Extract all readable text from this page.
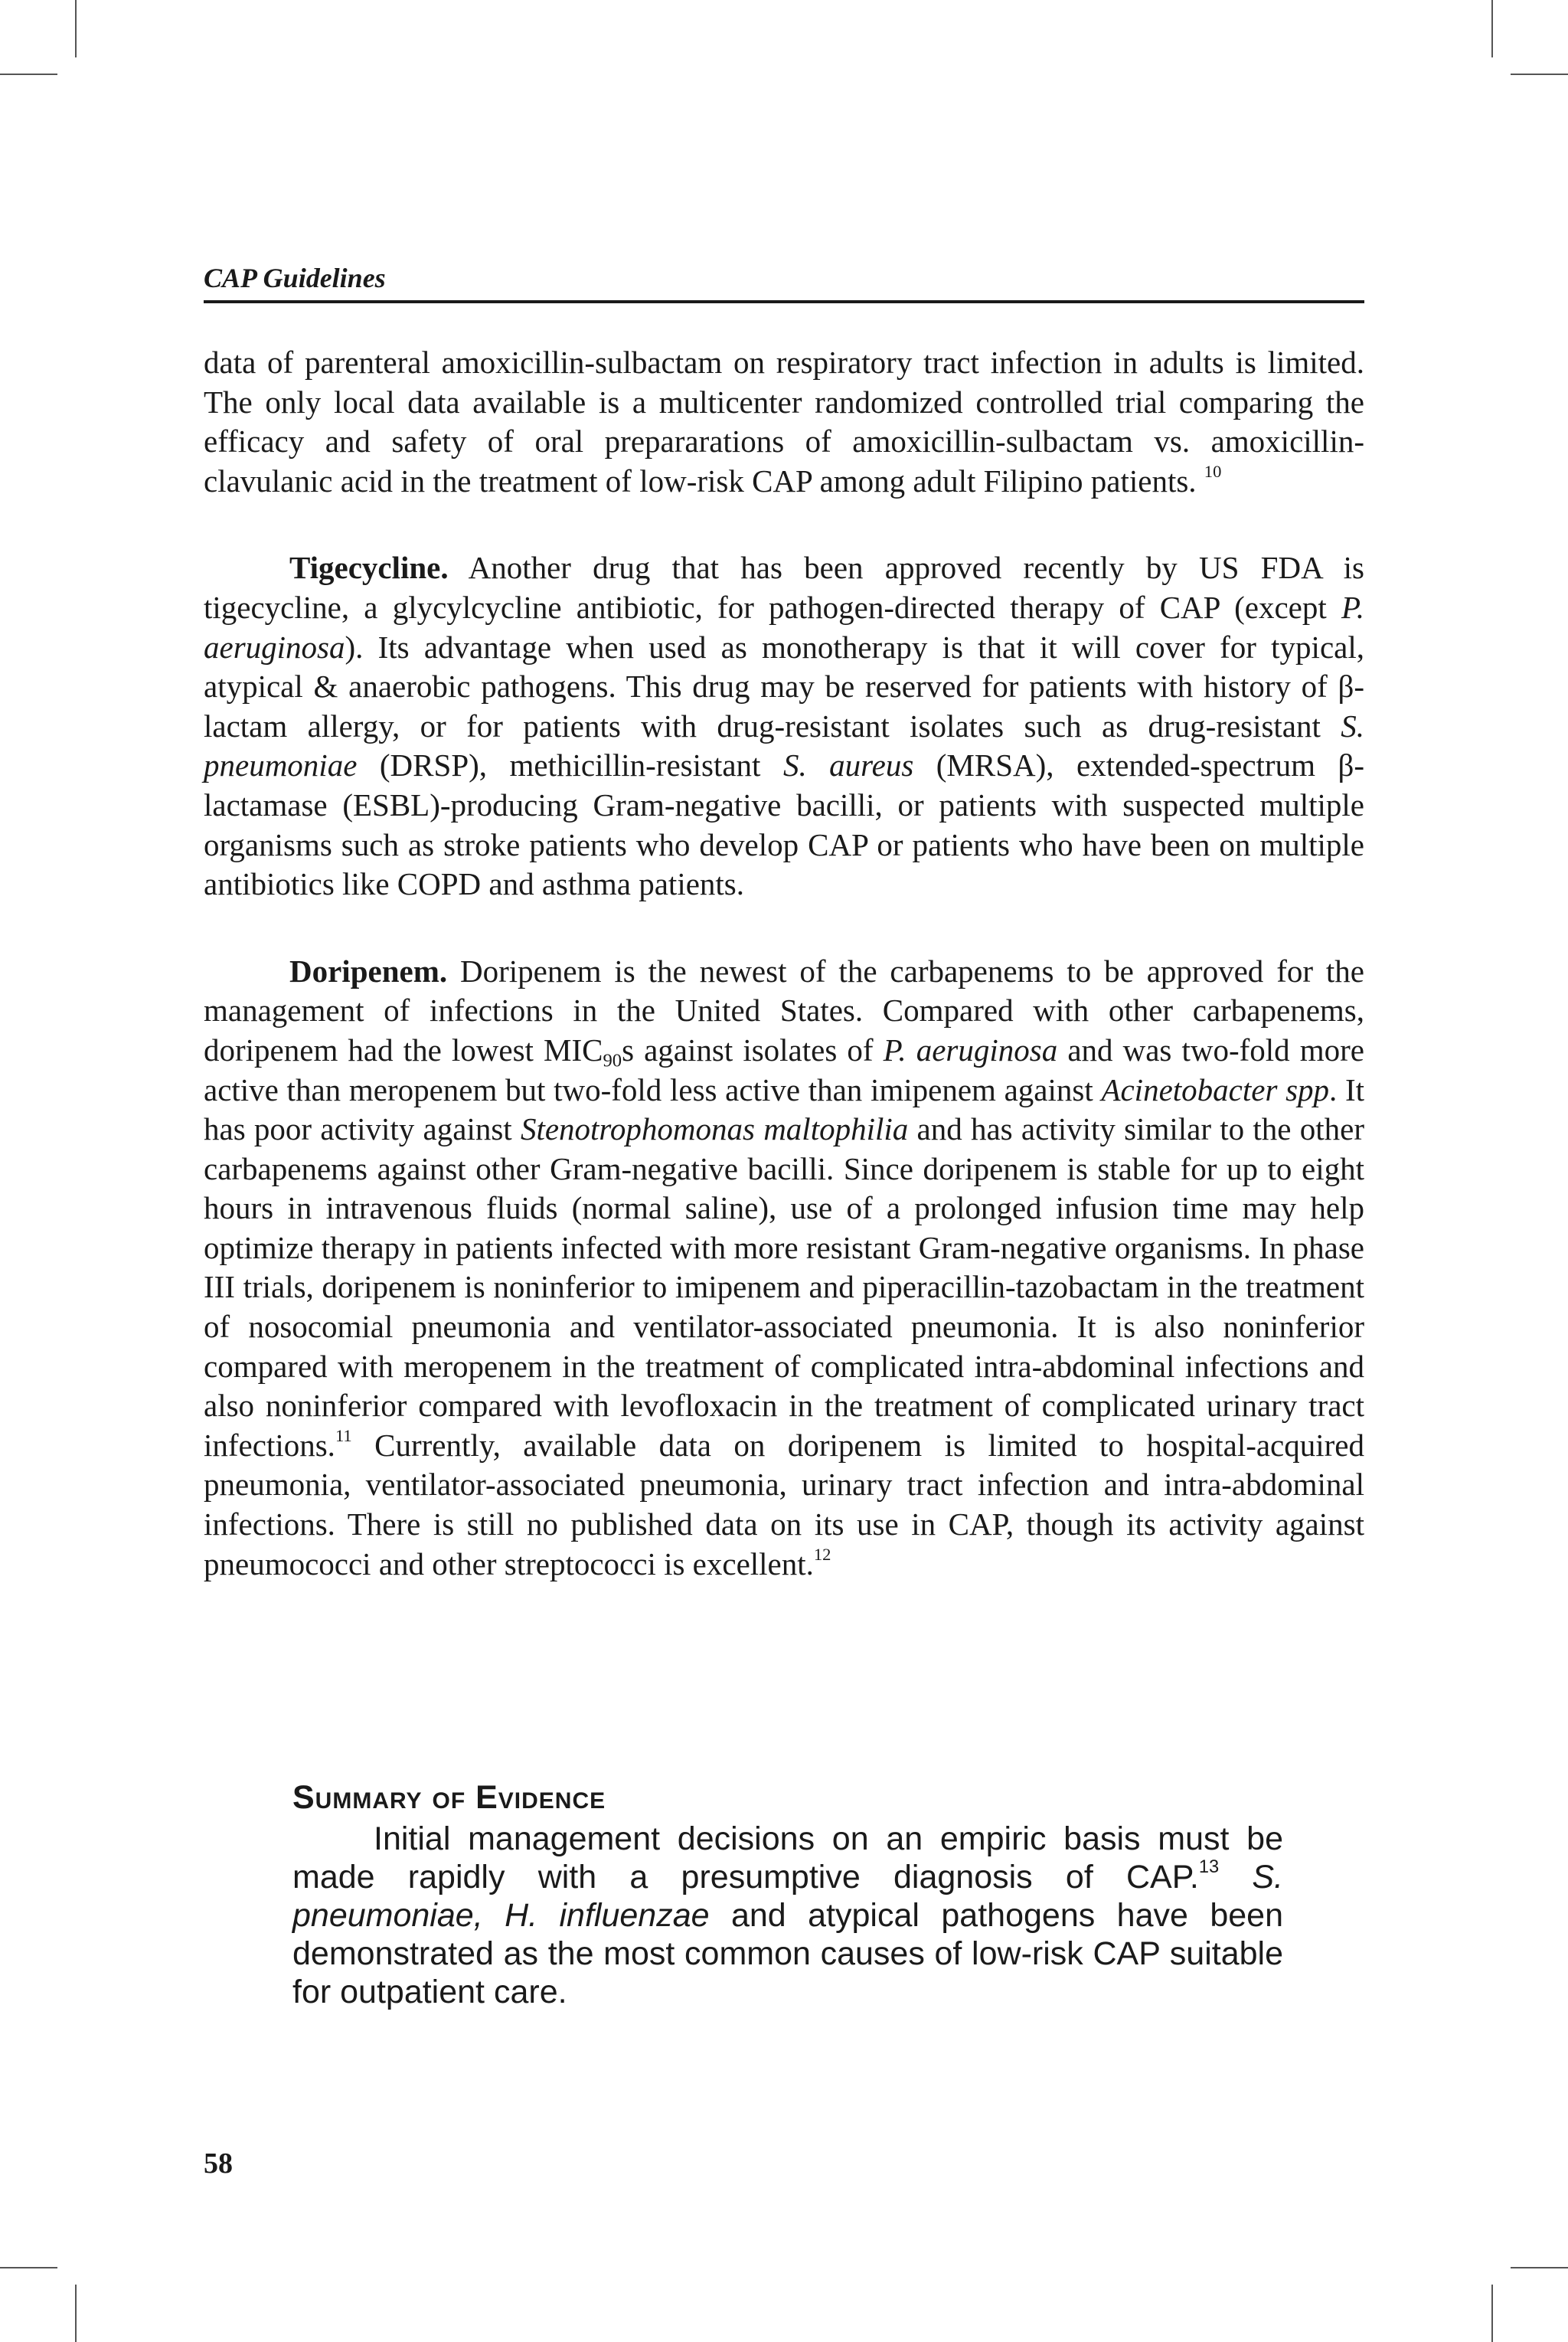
CAP Guidelines

data of parenteral amoxicillin-sulbactam on respiratory tract infection in adults is limited. The only local data available is a multicenter randomized controlled trial comparing the efficacy and safety of oral prepararations of amoxicillin-sulbactam vs. amoxicillin-clavulanic acid in the treatment of low-risk CAP among adult Filipino patients. $^{10}$

Tigecycline. Another drug that has been approved recently by US FDA is tigecycline, a glycylcycline antibiotic, for pathogen-directed therapy of CAP (except P. aeruginosa). Its advantage when used as monotherapy is that it will cover for typical, atypical & anaerobic pathogens. This drug may be reserved for patients with history of β-lactam allergy, or for patients with drug-resistant isolates such as drug-resistant S. pneumoniae (DRSP), methicillin-resistant S. aureus (MRSA), extended-spectrum β-lactamase (ESBL)-producing Gram-negative bacilli, or patients with suspected multiple organisms such as stroke patients who develop CAP or patients who have been on multiple antibiotics like COPD and asthma patients.

Doripenem. Doripenem is the newest of the carbapenems to be approved for the management of infections in the United States. Compared with other carbapenems, doripenem had the lowest $MIC_{90}s$ against isolates of P. aeruginosa and was two-fold more active than meropenem but two-fold less active than imipenem against Acinetobacter spp. It has poor activity against Stenotrophomonas maltophilia and has activity similar to the other carbapenems against other Gram-negative bacilli. Since doripenem is stable for up to eight hours in intravenous fluids (normal saline), use of a prolonged infusion time may help optimize therapy in patients infected with more resistant Gram-negative organisms. In phase III trials, doripenem is noninferior to imipenem and piperacillin-tazobactam in the treatment of nosocomial pneumonia and ventilator-associated pneumonia. It is also noninferior compared with meropenem in the treatment of complicated intra-abdominal infections and also noninferior compared with levofloxacin in the treatment of complicated urinary tract infections.$^{11}$ Currently, available data on doripenem is limited to hospital-acquired pneumonia, ventilator-associated pneumonia, urinary tract infection and intra-abdominal infections. There is still no published data on its use in CAP, though its activity against pneumococci and other streptococci is excellent.$^{12}$

Summary of Evidence

Initial management decisions on an empiric basis must be made rapidly with a presumptive diagnosis of CAP.$^{13}$ S. pneumoniae, H. influenzae and atypical pathogens have been demonstrated as the most common causes of low-risk CAP suitable for outpatient care.

58
